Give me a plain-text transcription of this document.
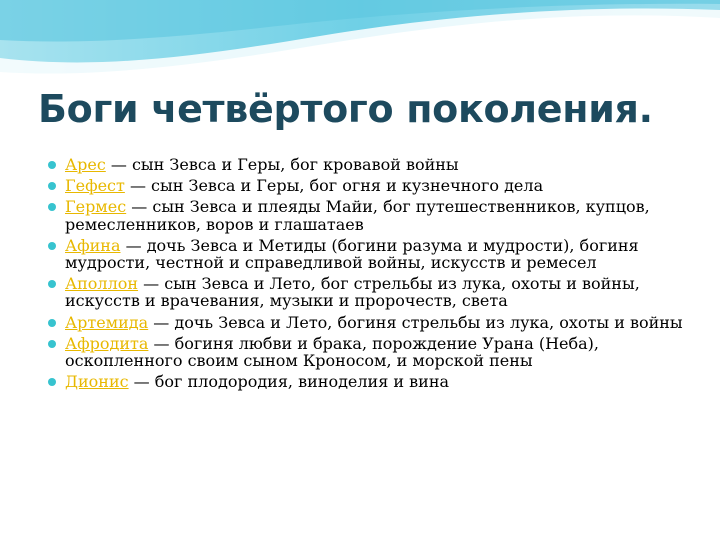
Боги четвёртого поколения.
Арес — сын Зевса и Геры, бог кровавой войны
Гефест — сын Зевса и Геры, бог огня и кузнечного дела
Гермес — сын Зевса и плеяды Майи, бог путешественников, купцов, ремесленников, воров и глашатаев
Афина — дочь Зевса и Метиды (богини разума и мудрости), богиня мудрости, честной и справедливой войны, искусств и ремесел
Аполлон — сын Зевса и Лето, бог стрельбы из лука, охоты и войны, искусств и врачевания, музыки и пророчеств, света
Артемида — дочь Зевса и Лето, богиня стрельбы из лука, охоты и войны
Афродита — богиня любви и брака, порождение Урана (Неба), оскопленного своим сыном Кроносом, и морской пены
Дионис — бог плодородия, виноделия и вина
